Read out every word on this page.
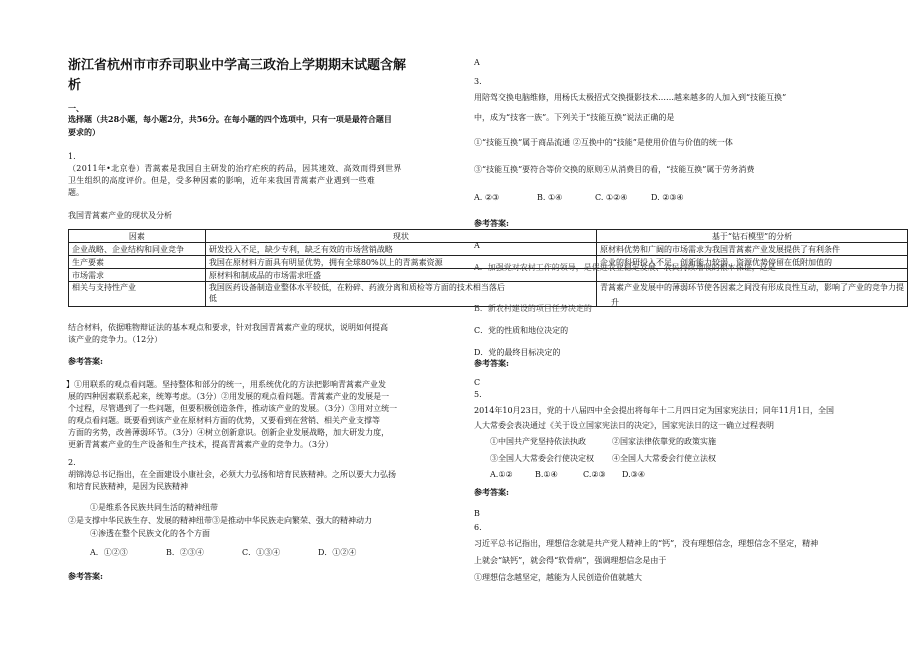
浙江省杭州市市乔司职业中学高三政治上学期期末试题含解
析
一、
选择题（共28小题，每小题2分，共56分。在每小题的四个选项中，只有一项是最符合题目
要求的）
1.
（2011年•北京卷）青蒿素是我国自主研发的治疗疟疾的药品，因其速效、高效而得到世界
卫生组织的高度评价。但是，受多种因素的影响，近年来我国青蒿素产业遇到一些难
题。
我国青蒿素产业的现状及分析
因素	现状	基于“钻石模型”的分析
企业战略、企业结构和同业竞争	研发投入不足，缺少专利，缺乏有效的市场营销战略	原材料优势和广阔的市场需求为我国青蒿素产业发展提供了有利条件
生产要素	我国在原材料方面具有明显优势，拥有全球80%以上的青蒿素资源	企业的科研投入不足，创新能力较弱，资源优势停留在低附加值的
市场需求	原材料和制成品的市场需求旺盛	
相关与支持性产业	我国医药设备制造业整体水平较低，在粉碎、药液分离和质检等方面的技术相当落后
低	青蒿素产业发展中的薄弱环节使各因素之间没有形成良性互动，影响了产业的竞争力提
升
结合材料，依据唯物辩证法的基本观点和要求，针对我国青蒿素产业的现状，说明如何提高
该产业的竞争力。（12分）
参考答案:
】①用联系的观点看问题。坚持整体和部分的统一，用系统优化的方法把影响青蒿素产业发
展的四种因素联系起来，统筹考虑。（3分）②用发展的观点看问题。青蒿素产业的发展是一
个过程，尽管遇到了一些问题，但要积极创造条件，推动该产业的发展。（3分）③用对立统一
的观点看问题。既要看到该产业在原材料方面的优势，又要看到在营销、相关产业支撑等
方面的劣势，改善薄弱环节。（3分）④树立创新意识。创新企业发展战略，加大研发力度，
更新青蒿素产业的生产设备和生产技术，提高青蒿素产业的竞争力。（3分）
2.
胡锦涛总书记指出，在全面建设小康社会，必须大力弘扬和培育民族精神。之所以要大力弘扬
和培育民族精神，是因为民族精神
①是维系各民族共同生活的精神纽带
②是支撑中华民族生存、发展的精神纽带③是推动中华民族走向繁荣、强大的精神动力
④渗透在整个民族文化的各个方面
A．①②③	B．②③④	C．①③④	D．①②④
参考答案:
A
3.
用陪驾交换电脑维修，用杨氏太极招式交换摄影技术……越来越多的人加入到“技能互换”
中，成为“技客一族”。下列关于“技能互换”说法正确的是
①“技能互换”属于商品流通 ②互换中的“技能”是使用价值与价值的统一体
③“技能互换”要符合等价交换的原则④从消费目的看，“技能互换”属于劳务消费
A. ②③	B. ①④	C. ①②④	D. ②③④
参考答案:
A
A．加强党对农村工作的领导，是促进农业稳定发展、农民持续增收的根本保证，这是
B．新农村建设的项目任务决定的
C．党的性质和地位决定的
D．党的最终目标决定的
参考答案:
C
5.
2014年10月23日，党的十八届四中全会提出将每年十二月四日定为国家宪法日；同年11月1日，全国
人大常委会表决通过《关于设立国家宪法日的决定》，国家宪法日的这一确立过程表明
①中国共产党坚持依法执政	②国家法律依靠党的政策实施
③全国人大常委会行使决定权 ④全国人大常委会行使立法权
A.①②	B.①④	C.②③ D.③④
参考答案:
B
6.
习近平总书记指出，理想信念就是共产党人精神上的“钙”，没有理想信念，理想信念不坚定，精神
上就会“缺钙”，就会得“软骨病”，强调理想信念是由于
①理想信念越坚定，越能为人民创造价值就越大
